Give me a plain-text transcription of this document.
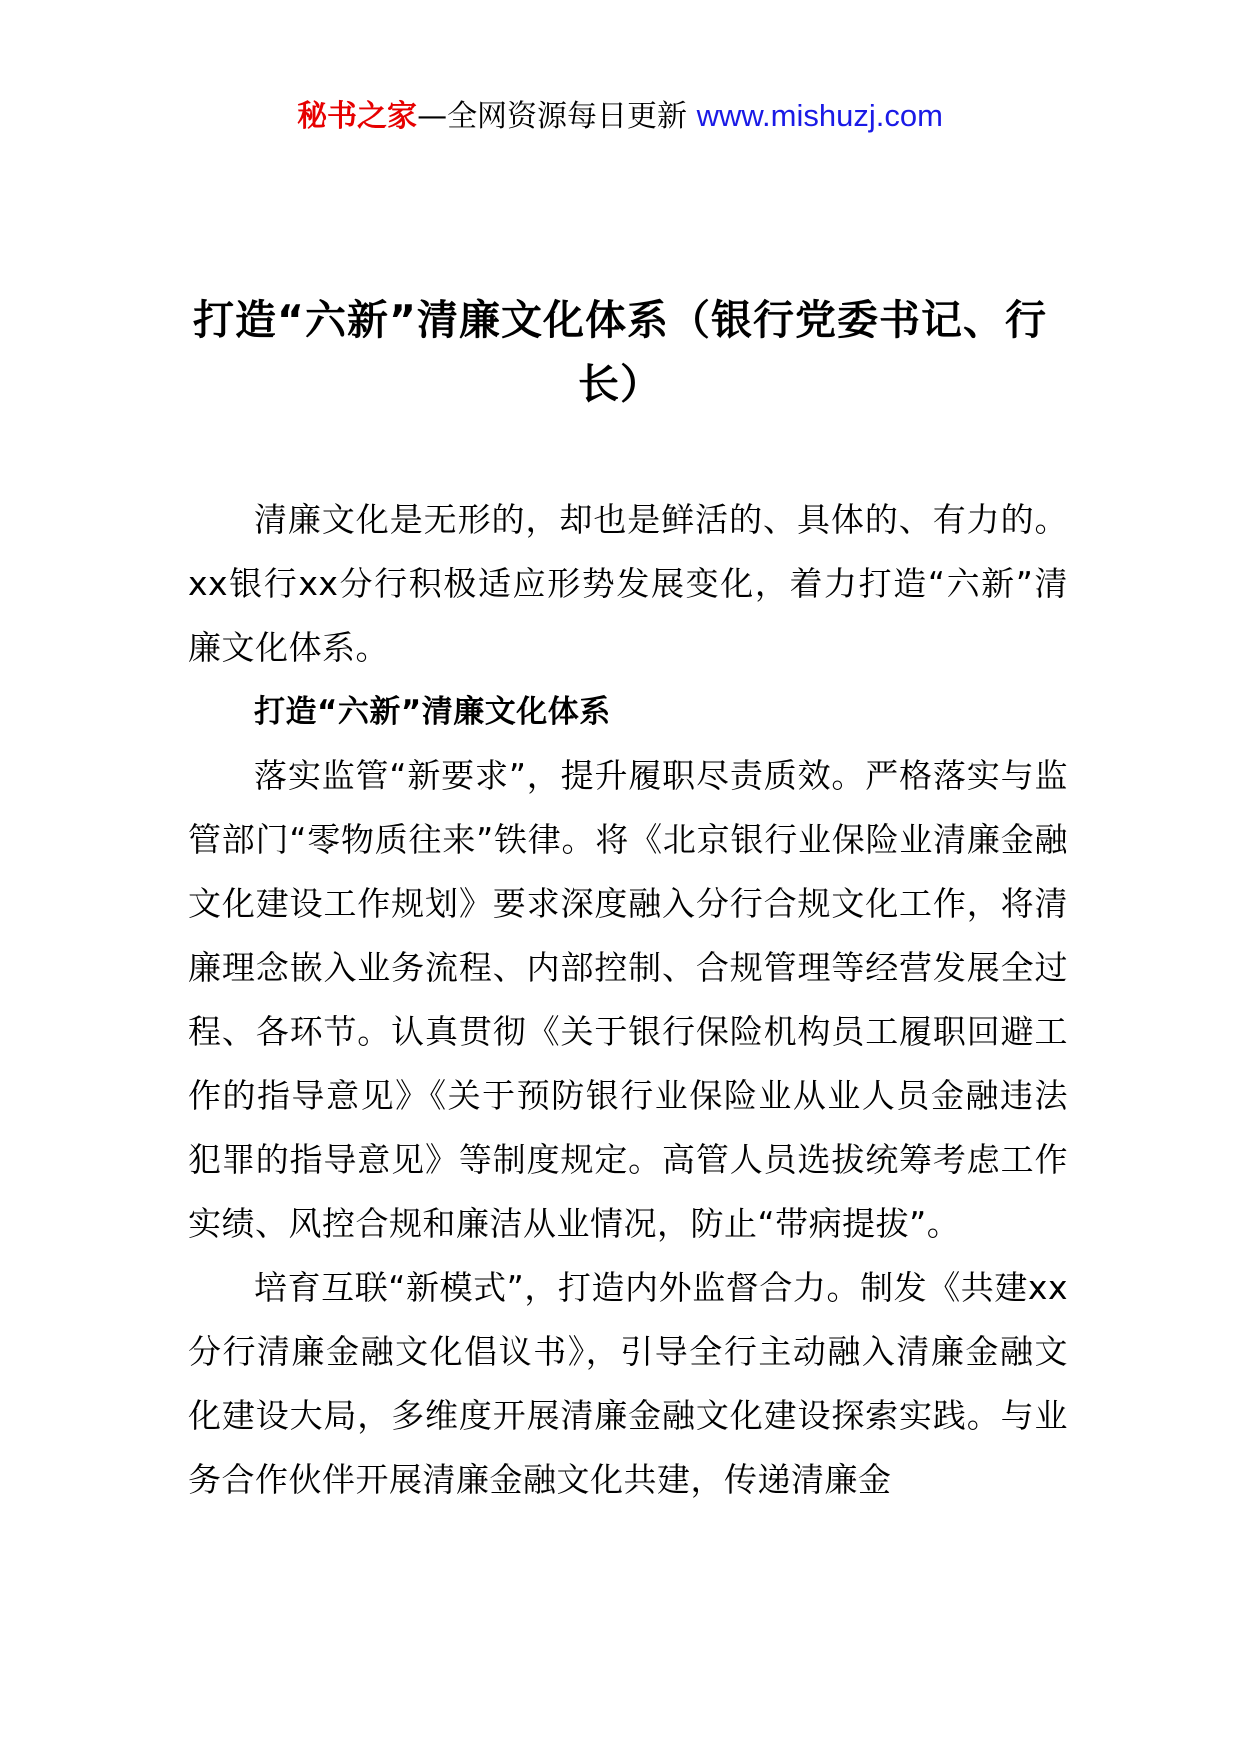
秘书之家—全网资源每日更新 www.mishuzj.com
打造“六新”清廉文化体系（银行党委书记、行长）

清廉文化是无形的，却也是鲜活的、具体的、有力的。xx银行xx分行积极适应形势发展变化，着力打造“六新”清廉文化体系。

打造“六新”清廉文化体系

落实监管“新要求”，提升履职尽责质效。严格落实与监管部门“零物质往来”铁律。将《北京银行业保险业清廉金融文化建设工作规划》要求深度融入分行合规文化工作，将清廉理念嵌入业务流程、内部控制、合规管理等经营发展全过程、各环节。认真贯彻《关于银行保险机构员工履职回避工作的指导意见》《关于预防银行业保险业从业人员金融违法犯罪的指导意见》等制度规定。高管人员选拔统筹考虑工作实绩、风控合规和廉洁从业情况，防止“带病提拔”。

培育互联“新模式”，打造内外监督合力。制发《共建xx分行清廉金融文化倡议书》，引导全行主动融入清廉金融文化建设大局，多维度开展清廉金融文化建设探索实践。与业务合作伙伴开展清廉金融文化共建，传递清廉金
